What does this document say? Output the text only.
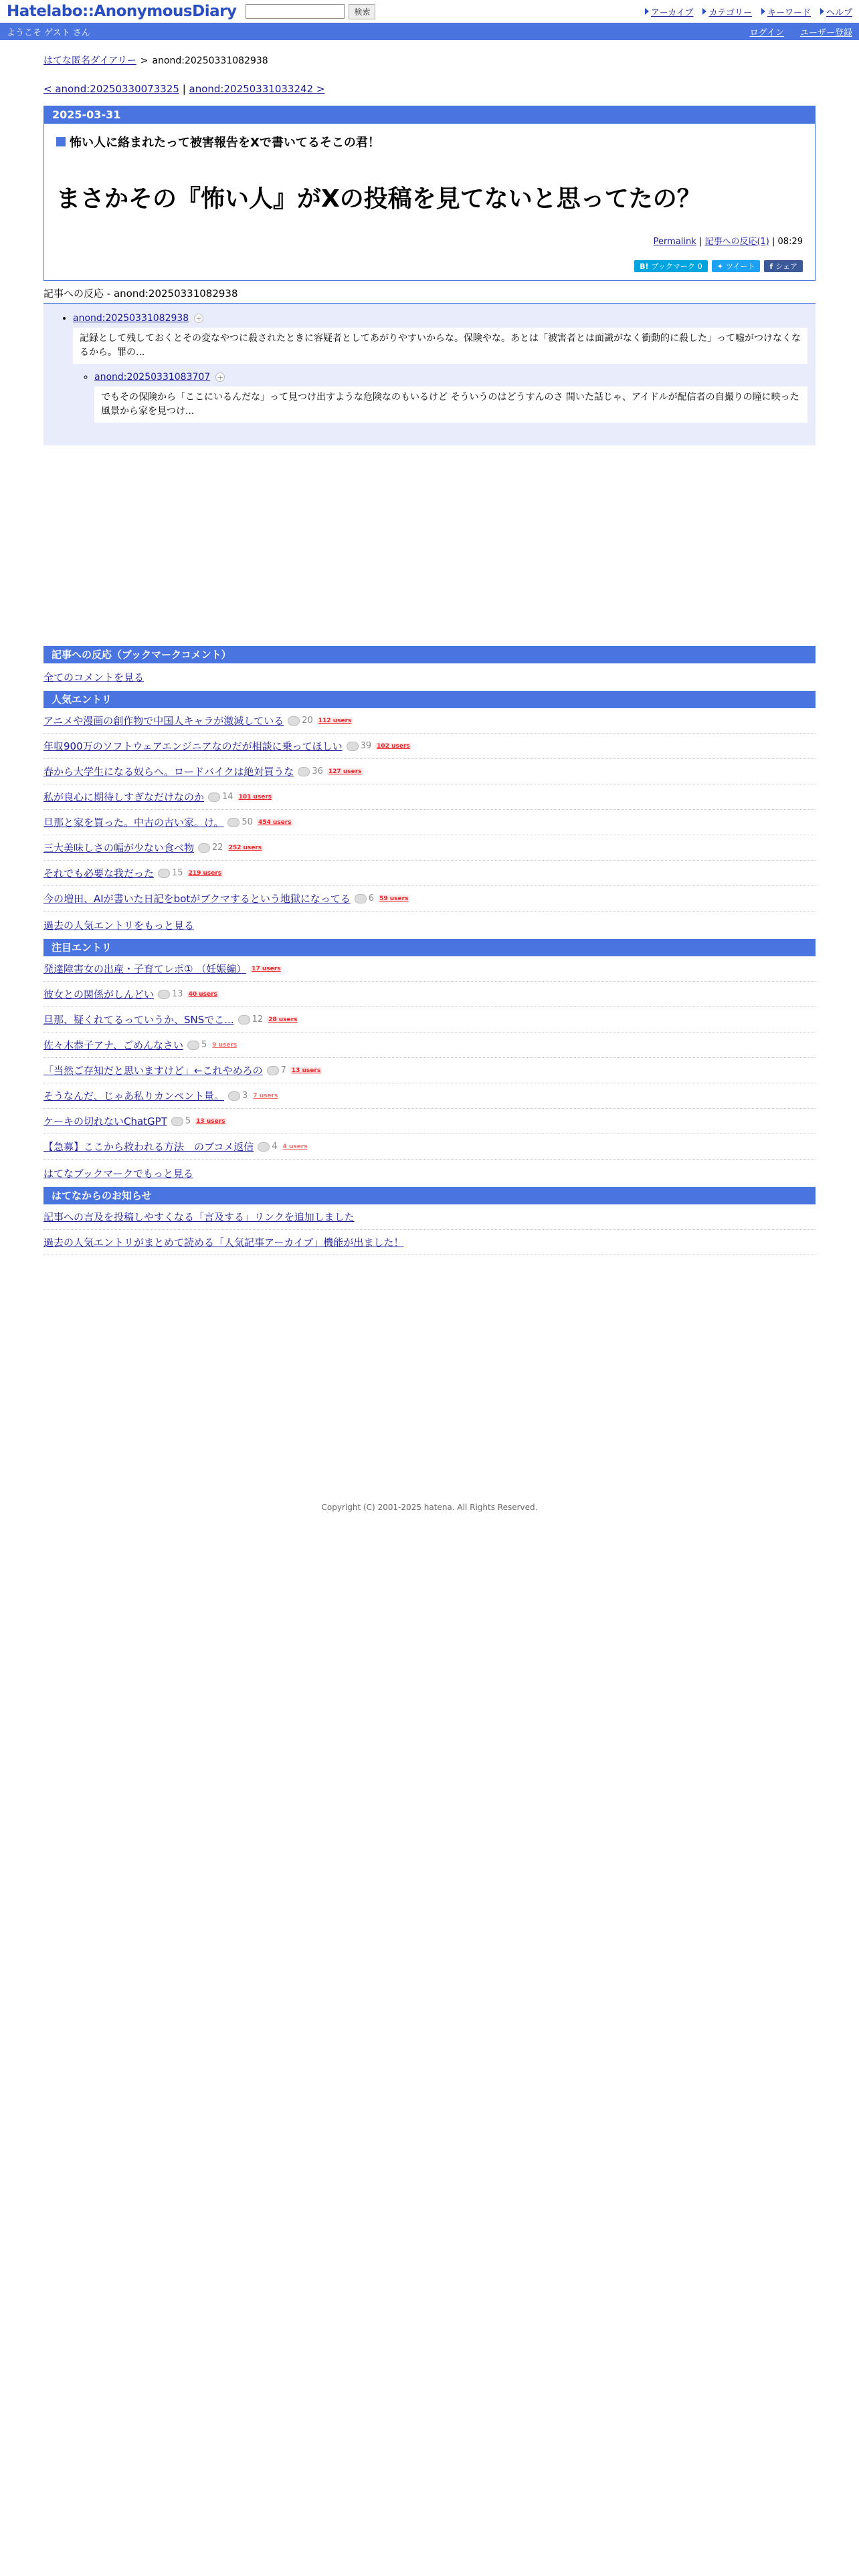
Hatelabo::AnonymousDiary	検索	アーカイブ カテゴリー キーワード ヘルプ
ようこそ ゲスト さん	ログイン ユーザー登録
はてな匿名ダイアリー > anond:20250331082938
< anond:20250330073325 | anond:20250331033242 >
2025-03-31
怖い人に絡まれたって被害報告をXで書いてるそこの君！
まさかその『怖い人』がXの投稿を見てないと思ってたの？
Permalink | 記事への反応(1) | 08:29
B! ブックマーク 0 ✦ ツイート f シェア
記事への反応 - anond:20250331082938
• anond:20250331082938 +
記録として残しておくとその変なやつに殺されたときに容疑者としてあがりやすいからな。保険やな。あとは「被害者とは面識がなく衝動的に殺した」って嘘がつけなくなるから。罪の...
◦ anond:20250331083707 +
でもその保険から「ここにいるんだな」って見つけ出すような危険なのもいるけど そういうのはどうすんのさ 間いた話じゃ、アイドルが配信者の自撮りの瞳に映った風景から家を見つけ...
記事への反応（ブックマークコメント）
全てのコメントを見る
人気エントリ
アニメや漫画の創作物で中国人キャラが激減している 20 112 users
年収900万のソフトウェアエンジニアなのだが相談に乗ってほしい 39 102 users
春から大学生になる奴らへ。ロードバイクは絶対買うな 36 127 users
私が良心に期待しすぎなだけなのか 14 101 users
旦那と家を買った。中古の古い家。け。 50 454 users
三大美味しさの幅が少ない食べ物 22 252 users
それでも必要な我だった 15 219 users
今の増田、AIが書いた日記をbotがブクマするという地獄になってる 6 59 users
過去の人気エントリをもっと見る
注目エントリ
発達障害女の出産・子育てレポ① （妊娠編） 17 users
彼女との関係がしんどい 13 40 users
旦那、疑くれてるっていうか、SNSでこ... 12 28 users
佐々木恭子アナ、ごめんなさい 5 9 users
「当然ご存知だと思いますけど」←これやめろの 7 13 users
そうなんだ、じゃあ私りカンペント量。 3 7 users
ケーキの切れないChatGPT 5 13 users
【急募】ここから救われる方法　のブコメ返信 4 4 users
はてなブックマークでもっと見る
はてなからのお知らせ
記事への言及を投稿しやすくなる「言及する」リンクを追加しました
過去の人気エントリがまとめて読める「人気記事アーカイブ」機能が出ました！
Copyright (C) 2001-2025 hatena. All Rights Reserved.
